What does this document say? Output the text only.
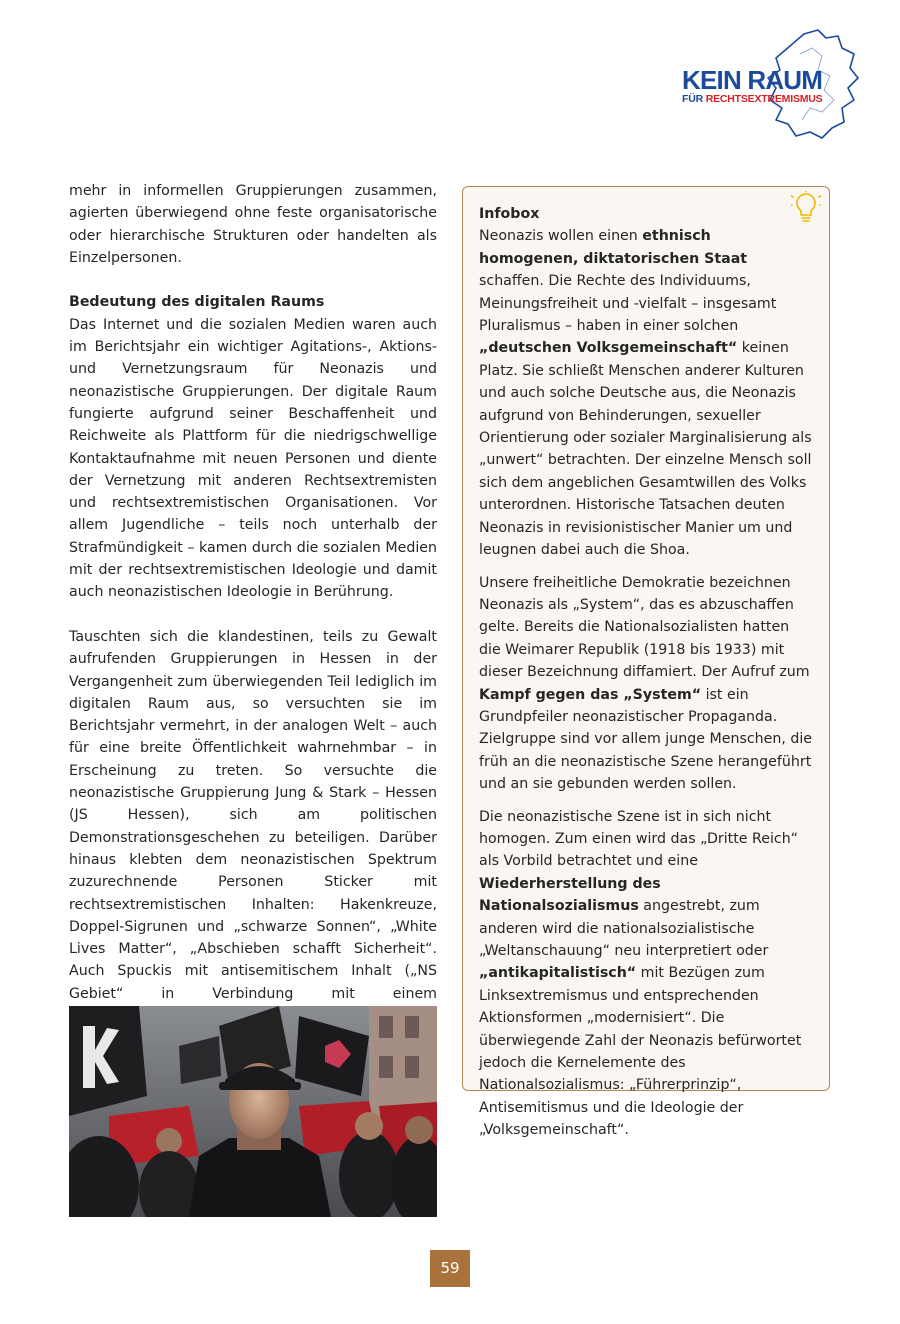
KEIN RAUM
FÜR RECHTSEXTREMISMUS

mehr in informellen Gruppierungen zusammen, agierten überwiegend ohne feste organisatorische oder hierarchische Strukturen oder handelten als Einzelpersonen.

Bedeutung des digitalen Raums

Das Internet und die sozialen Medien waren auch im Berichtsjahr ein wichtiger Agitations-, Aktions- und Vernetzungsraum für Neonazis und neonazistische Gruppierungen. Der digitale Raum fungierte aufgrund seiner Beschaffenheit und Reichweite als Plattform für die niedrigschwellige Kontaktaufnahme mit neuen Personen und diente der Vernetzung mit anderen Rechtsextremisten und rechtsextremistischen Organisationen. Vor allem Jugendliche – teils noch unterhalb der Strafmündigkeit – kamen durch die sozialen Medien mit der rechtsextremistischen Ideologie und damit auch neonazistischen Ideologie in Berührung.

Tauschten sich die klandestinen, teils zu Gewalt aufrufenden Gruppierungen in Hessen in der Vergangenheit zum überwiegenden Teil lediglich im digitalen Raum aus, so versuchten sie im Berichtsjahr vermehrt, in der analogen Welt – auch für eine breite Öffentlichkeit wahrnehmbar – in Erscheinung zu treten. So versuchte die neonazistische Gruppierung Jung & Stark – Hessen (JS Hessen), sich am politischen Demonstrationsgeschehen zu beteiligen. Darüber hinaus klebten dem neonazistischen Spektrum zuzurechnende Personen Sticker mit rechtsextremistischen Inhalten: Hakenkreuze, Doppel-Sigrunen und „schwarze Sonnen“, „White Lives Matter“, „Abschieben schafft Sicherheit“. Auch Spuckis mit antisemitischem Inhalt („NS Gebiet“ in Verbindung mit einem

Infobox

Neonazis wollen einen ethnisch homogenen, diktatorischen Staat schaffen. Die Rechte des Individuums, Meinungsfreiheit und -vielfalt – insgesamt Pluralismus – haben in einer solchen „deutschen Volksgemeinschaft“ keinen Platz. Sie schließt Menschen anderer Kulturen und auch solche Deutsche aus, die Neonazis aufgrund von Behinderungen, sexueller Orientierung oder sozialer Marginalisierung als „unwert“ betrachten. Der einzelne Mensch soll sich dem angeblichen Gesamtwillen des Volks unterordnen. Historische Tatsachen deuten Neonazis in revisionistischer Manier um und leugnen dabei auch die Shoa.

Unsere freiheitliche Demokratie bezeichnen Neonazis als „System“, das es abzuschaffen gelte. Bereits die Nationalsozialisten hatten die Weimarer Republik (1918 bis 1933) mit dieser Bezeichnung diffamiert. Der Aufruf zum Kampf gegen das „System“ ist ein Grundpfeiler neonazistischer Propaganda. Zielgruppe sind vor allem junge Menschen, die früh an die neonazistische Szene herangeführt und an sie gebunden werden sollen.

Die neonazistische Szene ist in sich nicht homogen. Zum einen wird das „Dritte Reich“ als Vorbild betrachtet und eine Wiederherstellung des Nationalsozialismus angestrebt, zum anderen wird die nationalsozialistische „Weltanschauung“ neu interpretiert oder „antikapitalistisch“ mit Bezügen zum Linksextremismus und entsprechenden Aktionsformen „modernisiert“. Die überwiegende Zahl der Neonazis befürwortet jedoch die Kernelemente des Nationalsozialismus: „Führerprinzip“, Antisemitismus und die Ideologie der „Volksgemeinschaft“.

59
